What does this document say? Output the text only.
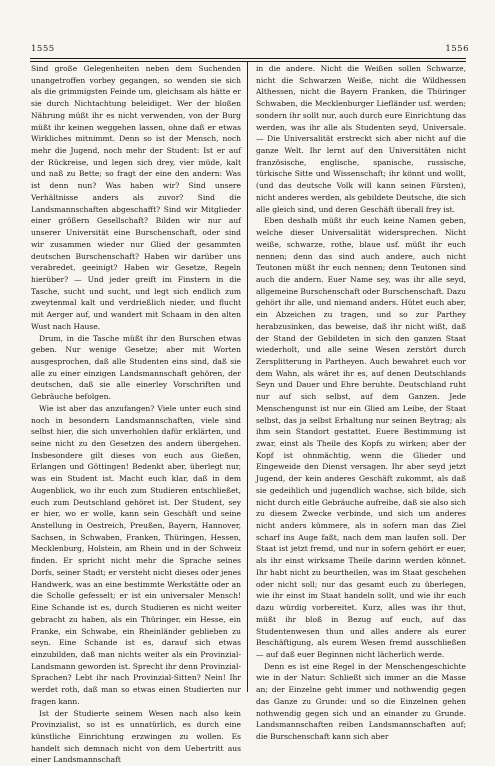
1555	1556

Sind große Gelegenheiten neben dem Suchenden unangetroffen vorbey gegangen, so wenden sie sich als die grimmigsten Feinde um, gleichsam als hätte er sie durch Nichtachtung beleidiget. Wer der bloßen Nährung müßt ihr es nicht verwenden, von der Burg müßt ihr keinen weggehen lassen, ohne daß er etwas Wirkliches mitnimmt. Denn so ist der Mensch, noch mehr die Jugend, noch mehr der Student: Ist er auf der Rückreise, und legen sich drey, vier müde, kalt und naß zu Bette; so fragt der eine den andern: Was ist denn nun? Was haben wir? Sind unsere Verhältnisse anders als zuvor? Sind die Landsmannschaften abgeschafft? Sind wir Mitglieder einer größern Gesellschaft? Bilden wir nur auf unserer Universität eine Burschenschaft, oder sind wir zusammen wieder nur Glied der gesammten deutschen Burschenschaft? Haben wir darüber uns verabredet, geeinigt? Haben wir Gesetze, Regeln hierüber? — Und jeder greift im Finstern in die Tasche, sucht und sucht, und legt sich endlich zum zweytenmal kalt und verdrießlich nieder, und flucht mit Aerger auf, und wandert mit Schaam in den alten Wust nach Hause.

Drum, in die Tasche müßt ihr den Burschen etwas geben. Nur wenige Gesetze; aber mit Worten ausgesprochen, daß alle Studenten eins sind, daß sie alle zu einer einzigen Landsmannschaft gehören, der deutschen, daß sie alle einerley Vorschriften und Gebräuche befolgen.

Wie ist aber das anzufangen? Viele unter euch sind noch in besondern Landsmannschaften, viele sind selbst hier, die sich unverhohlen dafür erklärten, und seine nicht zu den Gesetzen des andern übergehen. Insbesondere gilt dieses von euch aus Gießen, Erlangen und Göttingen! Bedenkt aber, überlegt nur, was ein Student ist. Macht euch klar, daß in dem Augenblick, wo ihr euch zum Studieren entschließet, euch zum Deutschland gehöret ist. Der Student, sey er hier, wo er wolle, kann sein Geschäft und seine Anstellung in Oestreich, Preußen, Bayern, Hannover, Sachsen, in Schwaben, Franken, Thüringen, Hessen, Mecklenburg, Holstein, am Rhein und in der Schweiz finden. Er spricht nicht mehr die Sprache seines Dorfs, seiner Stadt; er versteht nicht dieses oder jenes Handwerk, was an eine bestimmte Werkstätte oder an die Scholle gefesselt; er ist ein universaler Mensch! Eine Schande ist es, durch Studieren es nicht weiter gebracht zu haben, als ein Thüringer, ein Hesse, ein Franke, ein Schwabe, ein Rheinländer geblieben zu seyn. Eine Schande ist es, darauf sich etwas einzubilden, daß man nichts weiter als ein Provinzial-Landsmann geworden ist. Sprecht ihr denn Provinzial-Sprachen? Lebt ihr nach Provinzial-Sitten? Nein! Ihr werdet roth, daß man so etwas einen Studierten nur fragen kann.

Ist der Studierte seinem Wesen nach also kein Provinzialist, so ist es unnatürlich, es durch eine künstliche Einrichtung erzwingen zu wollen. Es handelt sich demnach nicht von dem Uebertritt aus einer Landsmannschaft

in die andere. Nicht die Weißen sollen Schwarze, nicht die Schwarzen Weiße, nicht die Wildhessen Althessen, nicht die Bayern Franken, die Thüringer Schwaben, die Mecklenburger Liefländer usf. werden; sondern ihr sollt nur, auch durch eure Einrichtung das werden, was ihr alle als Studenten seyd, Universale. — Die Universalität erstreckt sich aber nicht auf die ganze Welt. Ihr lernt auf den Universitäten nicht französische, englische, spanische, russische, türkische Sitte und Wissenschaft; ihr könnt und wollt, (und das deutsche Volk will kann seinen Fürsten), nicht anderes werden, als gebildete Deutsche, die sich alle gleich sind, und deren Geschäft überall frey ist.

Eben deshalb müßt ihr euch keine Namen geben, welche dieser Universalität widersprechen. Nicht weiße, schwarze, rothe, blaue usf. müßt ihr euch nennen; denn das sind auch andere, auch nicht Teutonen müßt ihr euch nennen; denn Teutonen sind auch die andern. Euer Name sey, was ihr alle seyd, allgemeine Burschenschaft oder Burschenschaft. Dazu gehört ihr alle, und niemand anders. Hütet euch aber, ein Abzeichen zu tragen, und so zur Parthey herabzusinken, das beweise, daß ihr nicht wißt, daß der Stand der Gebildeten in sich den ganzen Staat wiederholt, und alle seine Wesen zerstört durch Zersplitterung in Partheyen. Auch bewahret euch vor dem Wahn, als wäret ihr es, auf denen Deutschlands Seyn und Dauer und Ehre beruhte. Deutschland ruht nur auf sich selbst, auf dem Ganzen. Jede Menschengunst ist nur ein Glied am Leibe, der Staat selbst, das ja selbst Erhaltung nur seinen Beytrag; als ihm sein Standort gestattet. Euere Bestimmung ist zwar, einst als Theile des Kopfs zu wirken; aber der Kopf ist ohnmächtig, wenn die Glieder und Eingeweide den Dienst versagen. Ihr aber seyd jetzt Jugend, der kein anderes Geschäft zukommt, als daß sie gedeihlich und jugendlich wachse, sich bilde, sich nicht durch eitle Gebräuche aufreibe, daß sie also sich zu diesem Zwecke verbinde, und sich um anderes nicht anders kümmere, als in sofern man das Ziel scharf ins Auge faßt, nach dem man laufen soll. Der Staat ist jetzt fremd, und nur in sofern gehört er euer, als ihr einst wirksame Theile darinn werden könnet. Ihr habt nicht zu beurtheilen, was im Staat geschehen oder nicht soll; nur das gesamt euch zu überlegen, wie ihr einst im Staat handeln sollt, und wie ihr euch dazu würdig vorbereitet. Kurz, alles was ihr thut, müßt ihr bloß in Bezug auf euch, auf das Studentenwesen thun und alles andere als eurer Beschäftigung, als eurem Wesen fremd ausschließen — auf daß euer Beginnen nicht lächerlich werde.

Denn es ist eine Regel in der Menschengeschichte wie in der Natur: Schließt sich immer an die Masse an; der Einzelne geht immer und nothwendig gegen das Ganze zu Grunde: und so die Einzelnen gehen nothwendig gegen sich und an einander zu Grunde. Landsmannschaften reiben Landsmannschaften auf; die Burschenschaft kann sich aber
